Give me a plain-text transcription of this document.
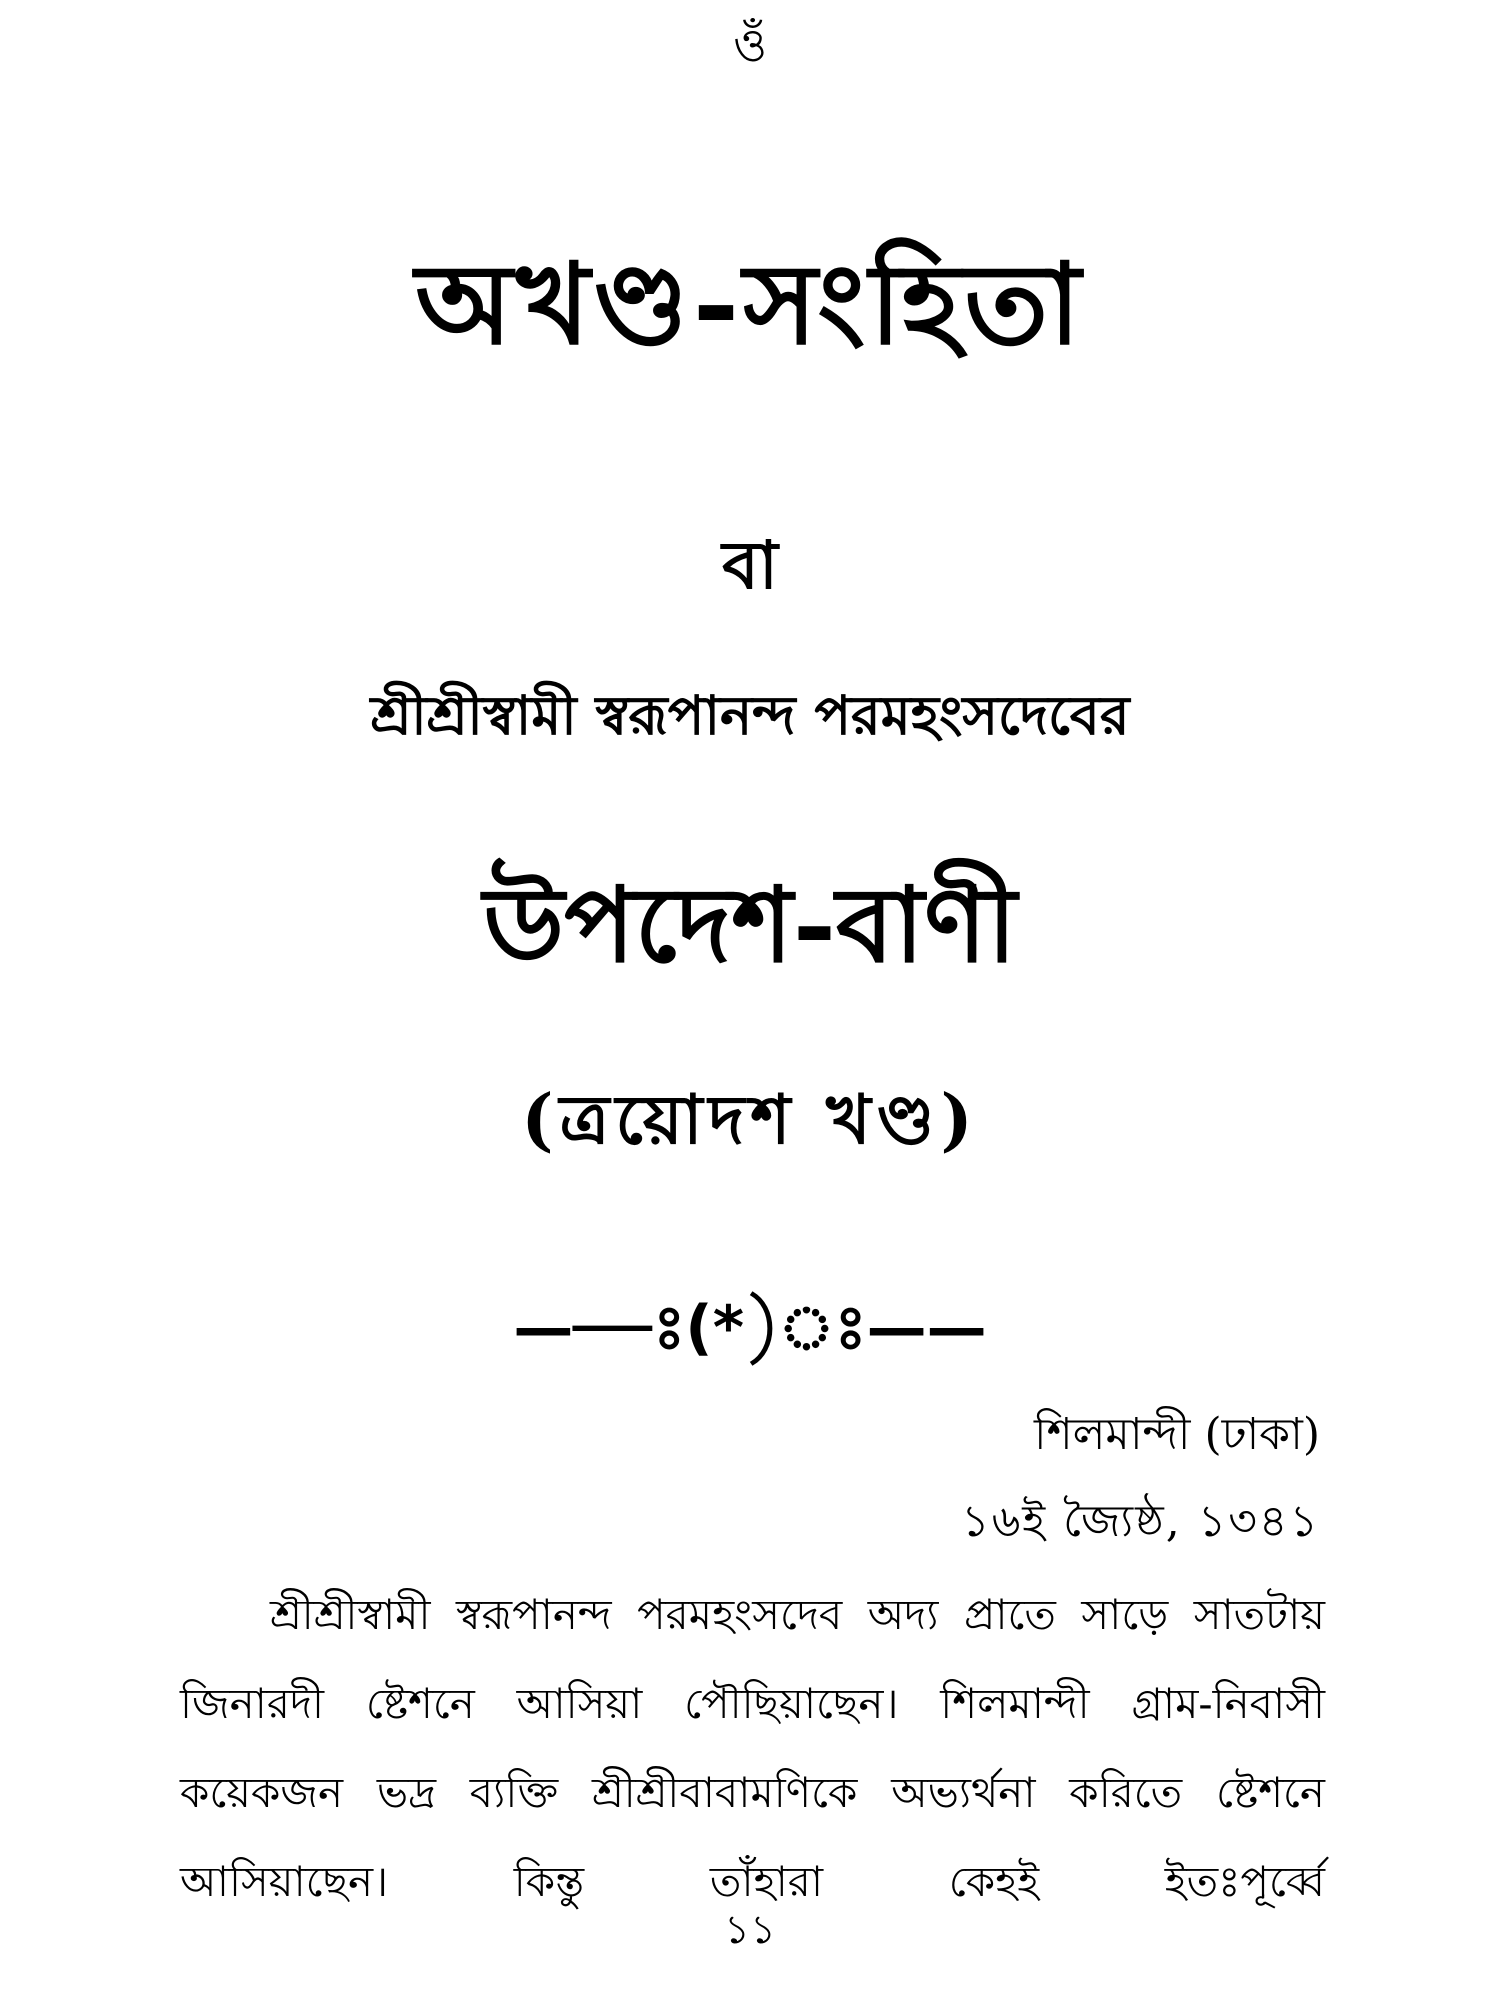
ওঁ
অখণ্ড-সংহিতা
বা
শ্রীশ্রীস্বামী স্বরূপানন্দ পরমহংসদেবের
উপদেশ-বাণী
(ত্রয়োদশ খণ্ড)
——ঃ(*)ঃ——
শিলমান্দী (ঢাকা)
১৬ই জ্যৈষ্ঠ, ১৩৪১

শ্রীশ্রীস্বামী স্বরূপানন্দ পরমহংসদেব অদ্য প্রাতে সাড়ে সাতটায় জিনারদী ষ্টেশনে আসিয়া পৌছিয়াছেন। শিলমান্দী গ্রাম-নিবাসী কয়েকজন ভদ্র ব্যক্তি শ্রীশ্রীবাবামণিকে অভ্যর্থনা করিতে ষ্টেশনে আসিয়াছেন। কিন্তু তাঁহারা কেহই ইতঃপূর্ব্বে

১১
